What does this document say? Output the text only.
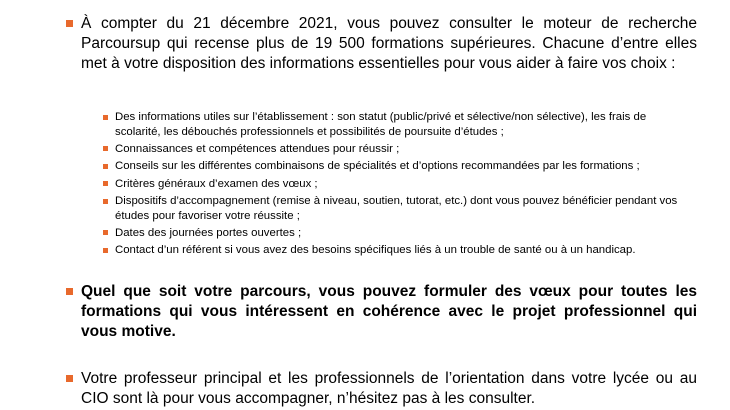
À compter du 21 décembre 2021, vous pouvez consulter le moteur de recherche Parcoursup qui recense plus de 19 500 formations supérieures. Chacune d’entre elles met à votre disposition des informations essentielles pour vous aider à faire vos choix :
Des informations utiles sur l’établissement : son statut (public/privé et sélective/non sélective), les frais de scolarité, les débouchés professionnels et possibilités de poursuite d’études ;
Connaissances et compétences attendues pour réussir ;
Conseils sur les différentes combinaisons de spécialités et d’options recommandées par les formations ;
Critères généraux d’examen des vœux ;
Dispositifs d’accompagnement (remise à niveau, soutien, tutorat, etc.) dont vous pouvez bénéficier pendant vos études pour favoriser votre réussite ;
Dates des journées portes ouvertes ;
Contact d’un référent si vous avez des besoins spécifiques liés à un trouble de santé ou à un handicap.
Quel que soit votre parcours, vous pouvez formuler des vœux pour toutes les formations qui vous intéressent en cohérence avec le projet professionnel qui vous motive.
Votre professeur principal et les professionnels de l’orientation dans votre lycée ou au CIO sont là pour vous accompagner, n’hésitez pas à les consulter.
